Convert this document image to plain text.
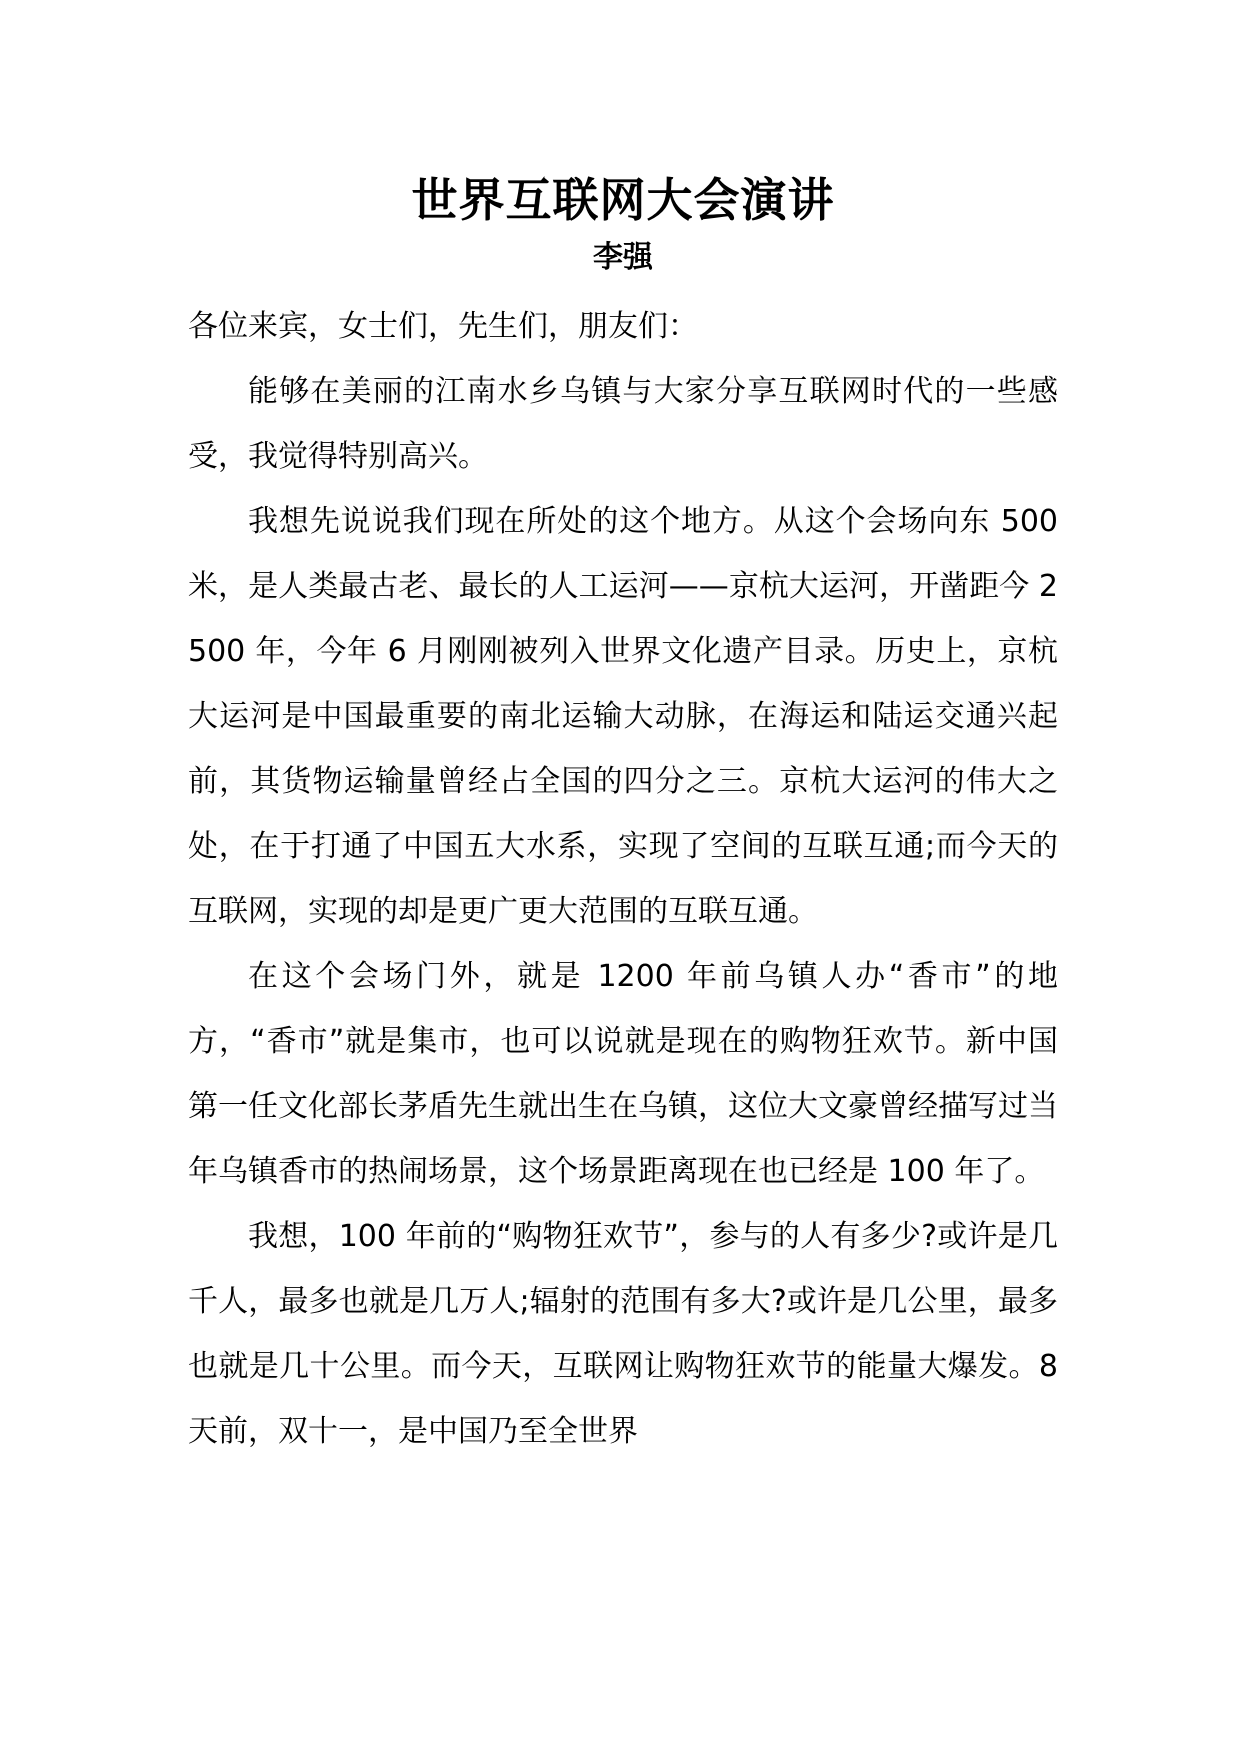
世界互联网大会演讲
李强

各位来宾，女士们，先生们，朋友们：

能够在美丽的江南水乡乌镇与大家分享互联网时代的一些感受，我觉得特别高兴。

我想先说说我们现在所处的这个地方。从这个会场向东 500 米，是人类最古老、最长的人工运河——京杭大运河，开凿距今 2500 年，今年 6 月刚刚被列入世界文化遗产目录。历史上，京杭大运河是中国最重要的南北运输大动脉，在海运和陆运交通兴起前，其货物运输量曾经占全国的四分之三。京杭大运河的伟大之处，在于打通了中国五大水系，实现了空间的互联互通;而今天的互联网，实现的却是更广更大范围的互联互通。

在这个会场门外，就是 1200 年前乌镇人办“香市”的地方，“香市”就是集市，也可以说就是现在的购物狂欢节。新中国第一任文化部长茅盾先生就出生在乌镇，这位大文豪曾经描写过当年乌镇香市的热闹场景，这个场景距离现在也已经是 100 年了。

我想，100 年前的“购物狂欢节”，参与的人有多少?或许是几千人，最多也就是几万人;辐射的范围有多大?或许是几公里，最多也就是几十公里。而今天，互联网让购物狂欢节的能量大爆发。8 天前，双十一，是中国乃至全世界
